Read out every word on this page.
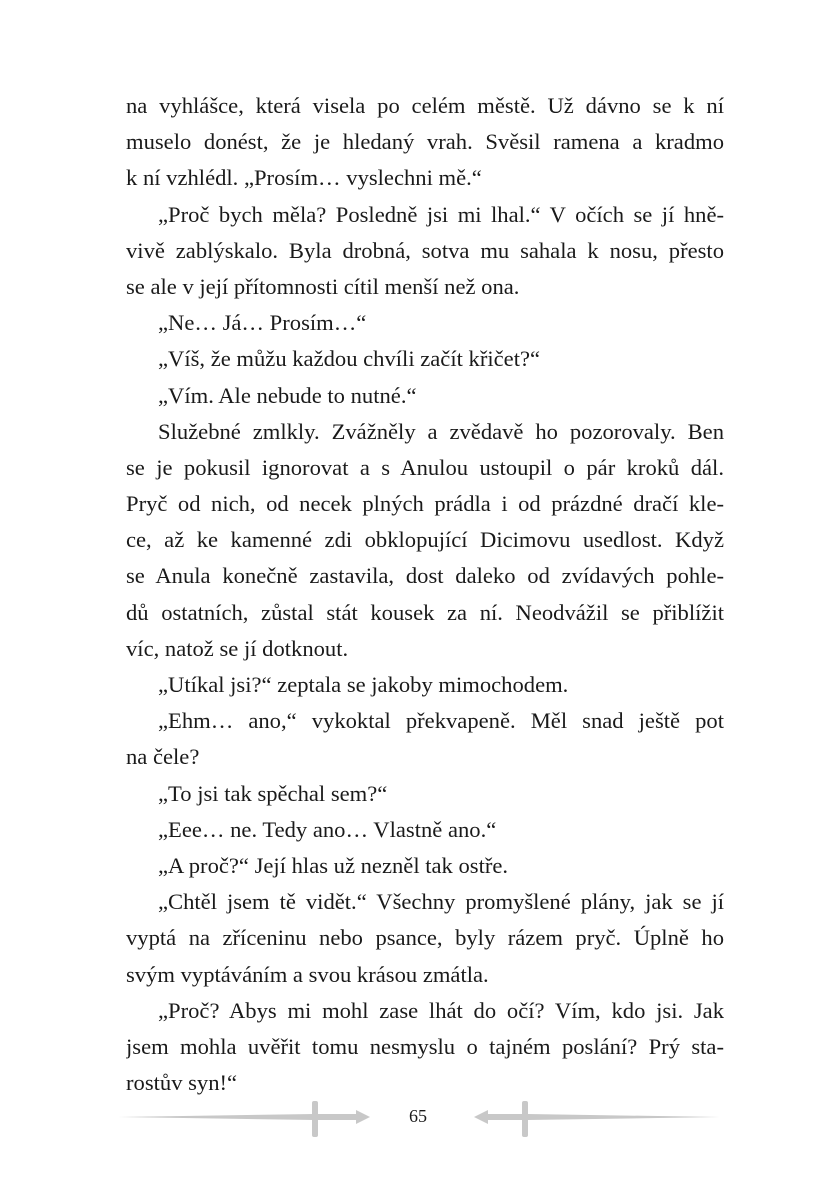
na vyhlášce, která visela po celém městě. Už dávno se k ní
muselo donést, že je hledaný vrah. Svěsil ramena a kradmo
k ní vzhlédl. „Prosím… vyslechni mě.“
„Proč bych měla? Posledně jsi mi lhal.“ V očích se jí hně-
vivě zablýskalo. Byla drobná, sotva mu sahala k nosu, přesto
se ale v její přítomnosti cítil menší než ona.
„Ne… Já… Prosím…“
„Víš, že můžu každou chvíli začít křičet?“
„Vím. Ale nebude to nutné.“
Služebné zmlkly. Zvážněly a zvědavě ho pozorovaly. Ben
se je pokusil ignorovat a s Anulou ustoupil o pár kroků dál.
Pryč od nich, od necek plných prádla i od prázdné dračí kle-
ce, až ke kamenné zdi obklopující Dicimovu usedlost. Když
se Anula konečně zastavila, dost daleko od zvídavých pohle-
dů ostatních, zůstal stát kousek za ní. Neodvážil se přiblížit
víc, natož se jí dotknout.
„Utíkal jsi?“ zeptala se jakoby mimochodem.
„Ehm… ano,“ vykoktal překvapeně. Měl snad ještě pot
na čele?
„To jsi tak spěchal sem?“
„Eee… ne. Tedy ano… Vlastně ano.“
„A proč?“ Její hlas už nezněl tak ostře.
„Chtěl jsem tě vidět.“ Všechny promyšlené plány, jak se jí
vyptá na zříceninu nebo psance, byly rázem pryč. Úplně ho
svým vyptáváním a svou krásou zmátla.
„Proč? Abys mi mohl zase lhát do očí? Vím, kdo jsi. Jak
jsem mohla uvěřit tomu nesmyslu o tajném poslání? Prý sta-
rostův syn!“
65
